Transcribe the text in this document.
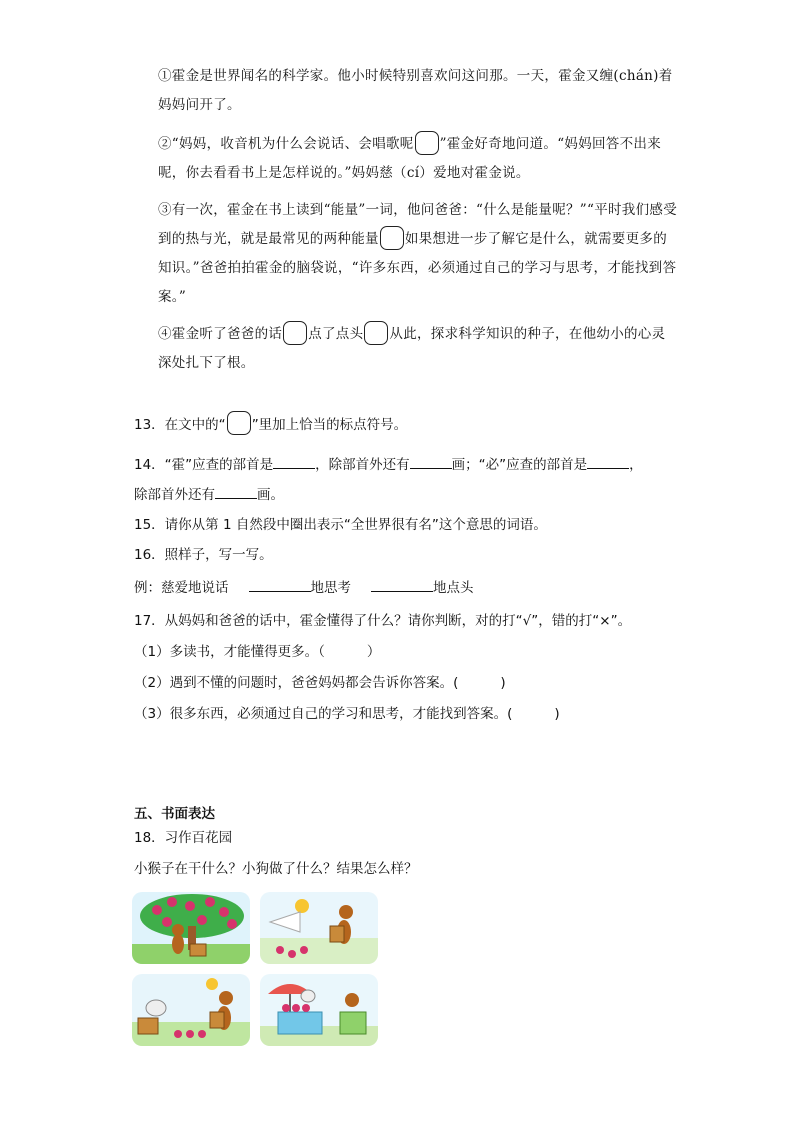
①霍金是世界闻名的科学家。他小时候特别喜欢问这问那。一天，霍金又缠(chán)着妈妈问开了。

②“妈妈，收音机为什么会说话、会唱歌呢 ”霍金好奇地问道。“妈妈回答不出来呢，你去看看书上是怎样说的。”妈妈慈（cí）爱地对霍金说。

③有一次，霍金在书上读到“能量”一词，他问爸爸：“什么是能量呢？”“平时我们感受到的热与光，就是最常见的两种能量 如果想进一步了解它是什么，就需要更多的知识。”爸爸拍拍霍金的脑袋说，“许多东西，必须通过自己的学习与思考，才能找到答案。”

④霍金听了爸爸的话 点了点头 从此，探求科学知识的种子，在他幼小的心灵深处扎下了根。

13．在文中的“ ”里加上恰当的标点符号。
14．“霍”应查的部首是	，除部首外还有	画；“必”应查的部首是	，
除部首外还有	画。
15．请你从第 1 自然段中圈出表示“全世界很有名”这个意思的词语。
16．照样子，写一写。
例：慈爱地说话	地思考	地点头
17．从妈妈和爸爸的话中，霍金懂得了什么？请你判断，对的打“√”，错的打“×”。
（1）多读书，才能懂得更多。（	）
（2）遇到不懂的问题时，爸爸妈妈都会告诉你答案。(	)
（3）很多东西，必须通过自己的学习和思考，才能找到答案。(	)
五、书面表达
18．习作百花园
小猴子在干什么？小狗做了什么？结果怎么样？
